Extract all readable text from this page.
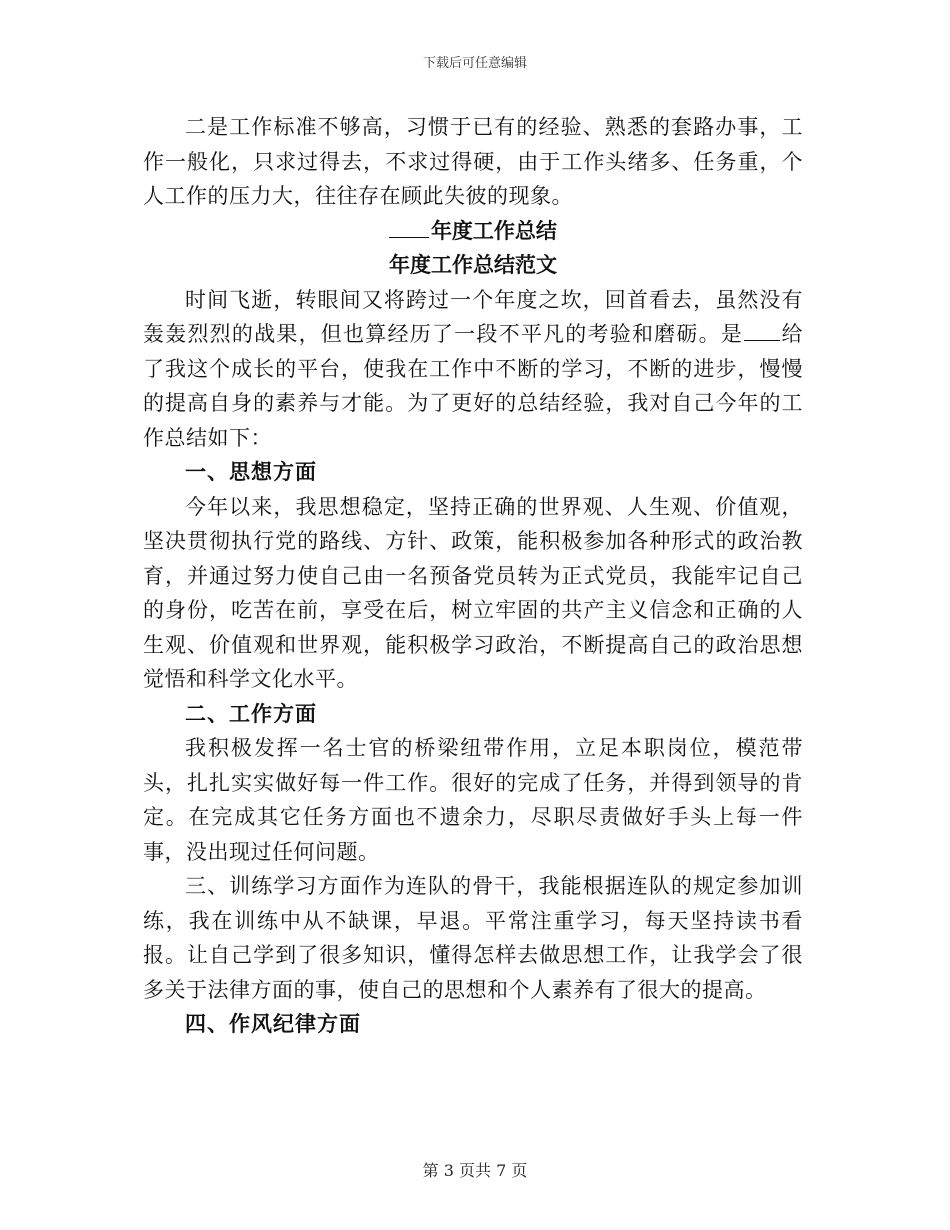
下载后可任意编辑

二是工作标准不够高，习惯于已有的经验、熟悉的套路办事，工作一般化，只求过得去，不求过得硬，由于工作头绪多、任务重，个人工作的压力大，往往存在顾此失彼的现象。

年度工作总结

年度工作总结范文

时间飞逝，转眼间又将跨过一个年度之坎，回首看去，虽然没有轰轰烈烈的战果，但也算经历了一段不平凡的考验和磨砺。是 给了我这个成长的平台，使我在工作中不断的学习，不断的进步，慢慢的提高自身的素养与才能。为了更好的总结经验，我对自己今年的工作总结如下：

一、思想方面

今年以来，我思想稳定，坚持正确的世界观、人生观、价值观，坚决贯彻执行党的路线、方针、政策，能积极参加各种形式的政治教育，并通过努力使自己由一名预备党员转为正式党员，我能牢记自己的身份，吃苦在前，享受在后，树立牢固的共产主义信念和正确的人生观、价值观和世界观，能积极学习政治，不断提高自己的政治思想觉悟和科学文化水平。

二、工作方面

我积极发挥一名士官的桥梁纽带作用，立足本职岗位，模范带头，扎扎实实做好每一件工作。很好的完成了任务，并得到领导的肯定。在完成其它任务方面也不遗余力，尽职尽责做好手头上每一件事，没出现过任何问题。

三、训练学习方面作为连队的骨干，我能根据连队的规定参加训练，我在训练中从不缺课，早退。平常注重学习，每天坚持读书看报。让自己学到了很多知识，懂得怎样去做思想工作，让我学会了很多关于法律方面的事，使自己的思想和个人素养有了很大的提高。

四、作风纪律方面

第 3 页共 7 页
